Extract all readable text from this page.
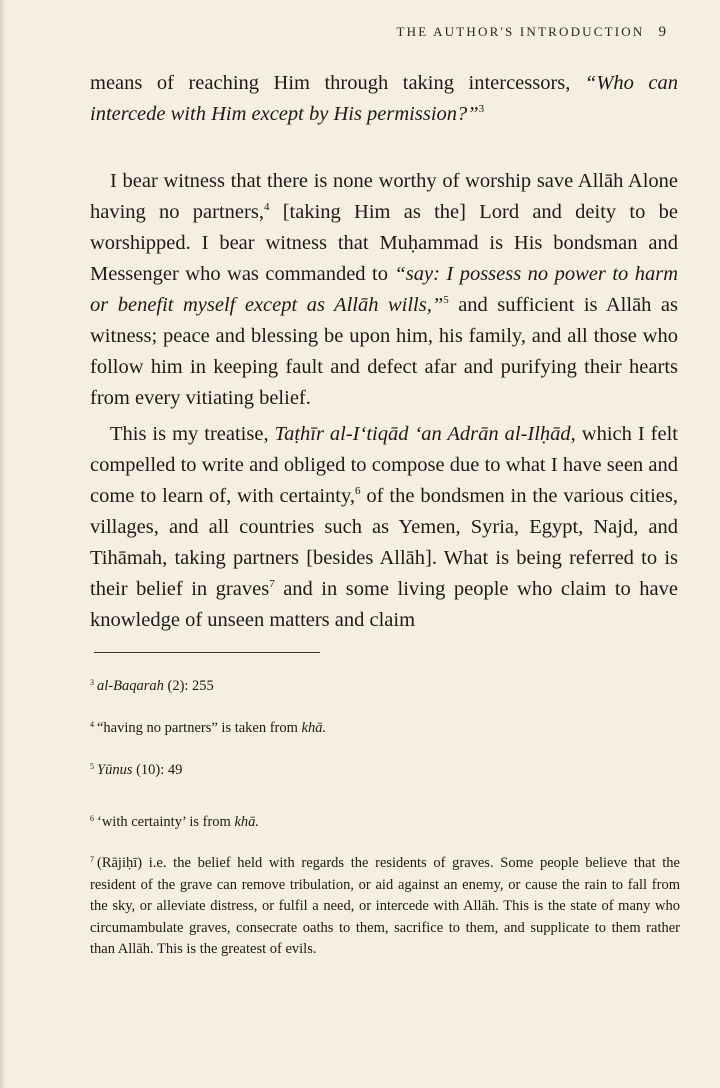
THE AUTHOR'S INTRODUCTION 9

means of reaching Him through taking intercessors, “Who can intercede with Him except by His permission?”$^3$

I bear witness that there is none worthy of worship save Allāh Alone having no partners,$^4$ [taking Him as the] Lord and deity to be worshipped. I bear witness that Muḥammad is His bondsman and Messenger who was commanded to “say: I possess no power to harm or benefit myself except as Allāh wills,”$^5$ and sufficient is Allāh as witness; peace and blessing be upon him, his family, and all those who follow him in keeping fault and defect afar and purifying their hearts from every vitiating belief.

This is my treatise, Taṭhīr al-I‘tiqād ‘an Adrān al-Ilḥād, which I felt compelled to write and obliged to compose due to what I have seen and come to learn of, with certainty,$^6$ of the bondsmen in the various cities, villages, and all countries such as Yemen, Syria, Egypt, Najd, and Tihāmah, taking partners [besides Allāh]. What is being referred to is their belief in graves$^7$ and in some living people who claim to have knowledge of unseen matters and claim

$^3$ al-Baqarah (2): 255
$^4$ “having no partners” is taken from khā.
$^5$ Yūnus (10): 49
$^6$ ‘with certainty’ is from khā.
$^7$ (Rājiḥī) i.e. the belief held with regards the residents of graves. Some people believe that the resident of the grave can remove tribulation, or aid against an enemy, or cause the rain to fall from the sky, or alleviate distress, or fulfil a need, or intercede with Allāh. This is the state of many who circumambulate graves, consecrate oaths to them, sacrifice to them, and supplicate to them rather than Allāh. This is the greatest of evils.
